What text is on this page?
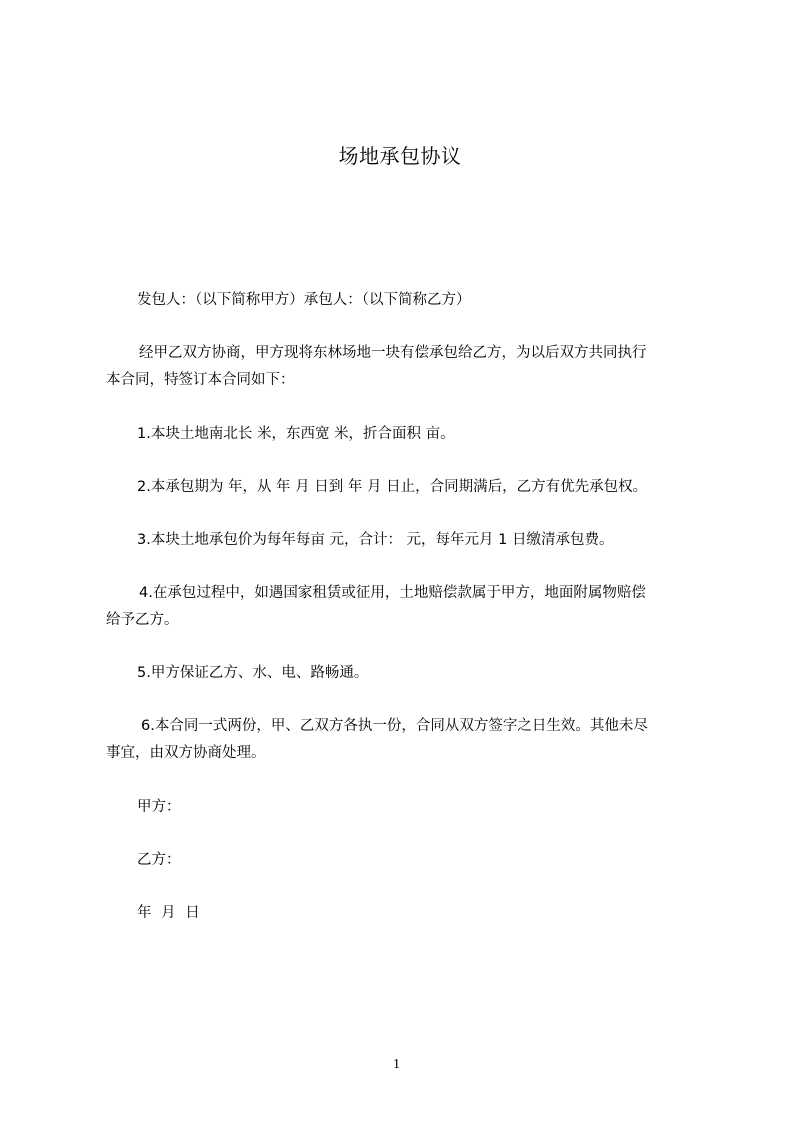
场地承包协议
发包人：（以下简称甲方）承包人：（以下简称乙方）
经甲乙双方协商，甲方现将东林场地一块有偿承包给乙方，为以后双方共同执行
本合同，特签订本合同如下：
1.本块土地南北长 米，东西宽 米，折合面积 亩。
2.本承包期为 年，从 年 月 日到 年 月 日止，合同期满后，乙方有优先承包权。
3.本块土地承包价为每年每亩 元，合计： 元，每年元月 1 日缴清承包费。
4.在承包过程中，如遇国家租赁或征用，土地赔偿款属于甲方，地面附属物赔偿
给予乙方。
5.甲方保证乙方、水、电、路畅通。
6.本合同一式两份，甲、乙双方各执一份，合同从双方签字之日生效。其他未尽
事宜，由双方协商处理。
甲方：
乙方：
年 月 日
1
